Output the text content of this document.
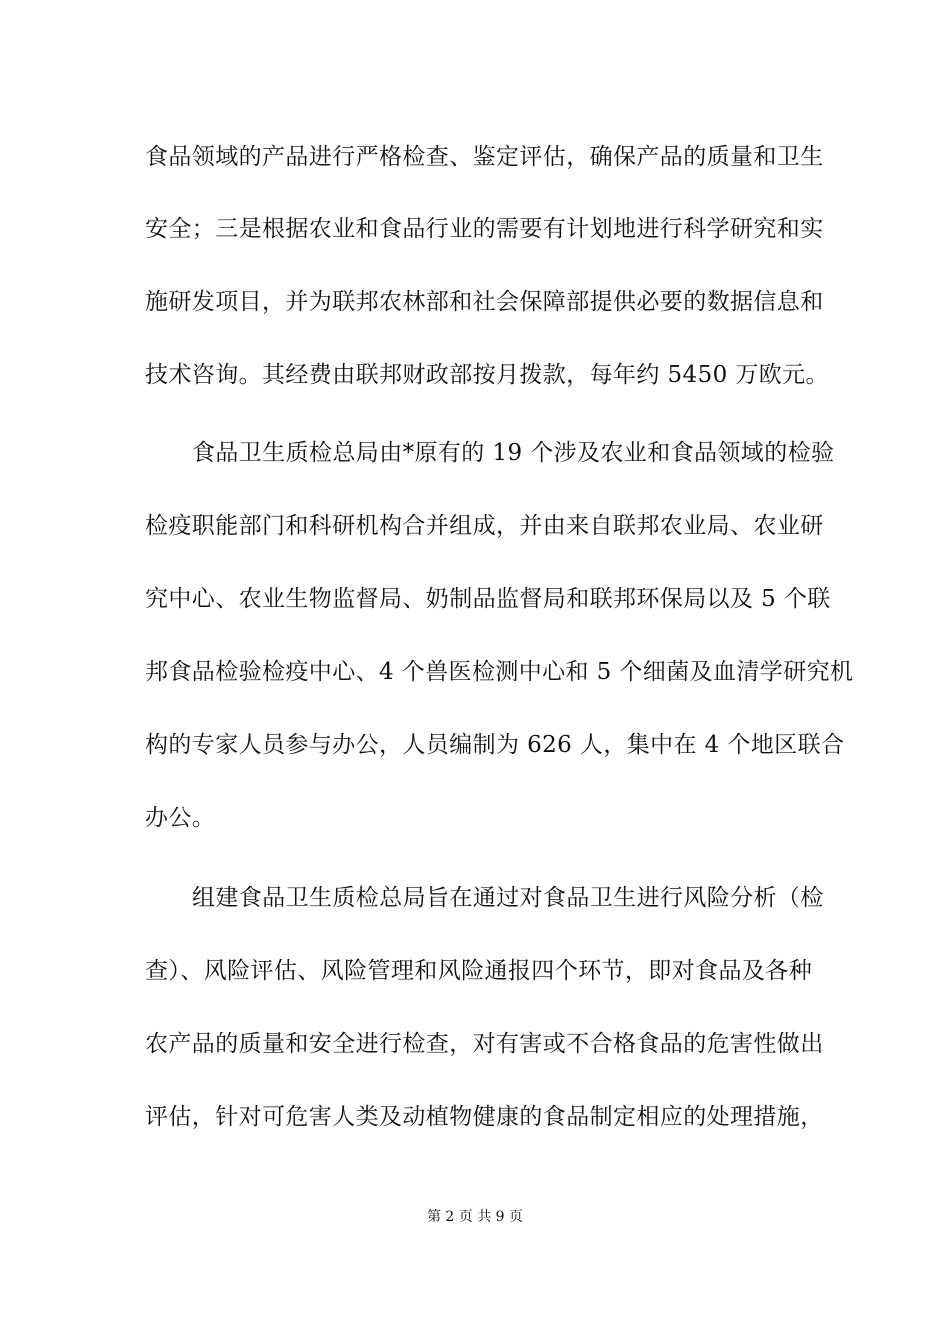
食品领域的产品进行严格检查、鉴定评估，确保产品的质量和卫生
安全；三是根据农业和食品行业的需要有计划地进行科学研究和实
施研发项目，并为联邦农林部和社会保障部提供必要的数据信息和
技术咨询。其经费由联邦财政部按月拨款，每年约 5450 万欧元。
食品卫生质检总局由*原有的 19 个涉及农业和食品领域的检验
检疫职能部门和科研机构合并组成，并由来自联邦农业局、农业研
究中心、农业生物监督局、奶制品监督局和联邦环保局以及 5 个联
邦食品检验检疫中心、4 个兽医检测中心和 5 个细菌及血清学研究机
构的专家人员参与办公，人员编制为 626 人，集中在 4 个地区联合
办公。
组建食品卫生质检总局旨在通过对食品卫生进行风险分析（检
查）、风险评估、风险管理和风险通报四个环节，即对食品及各种
农产品的质量和安全进行检查，对有害或不合格食品的危害性做出
评估，针对可危害人类及动植物健康的食品制定相应的处理措施，
第 2 页 共 9 页
